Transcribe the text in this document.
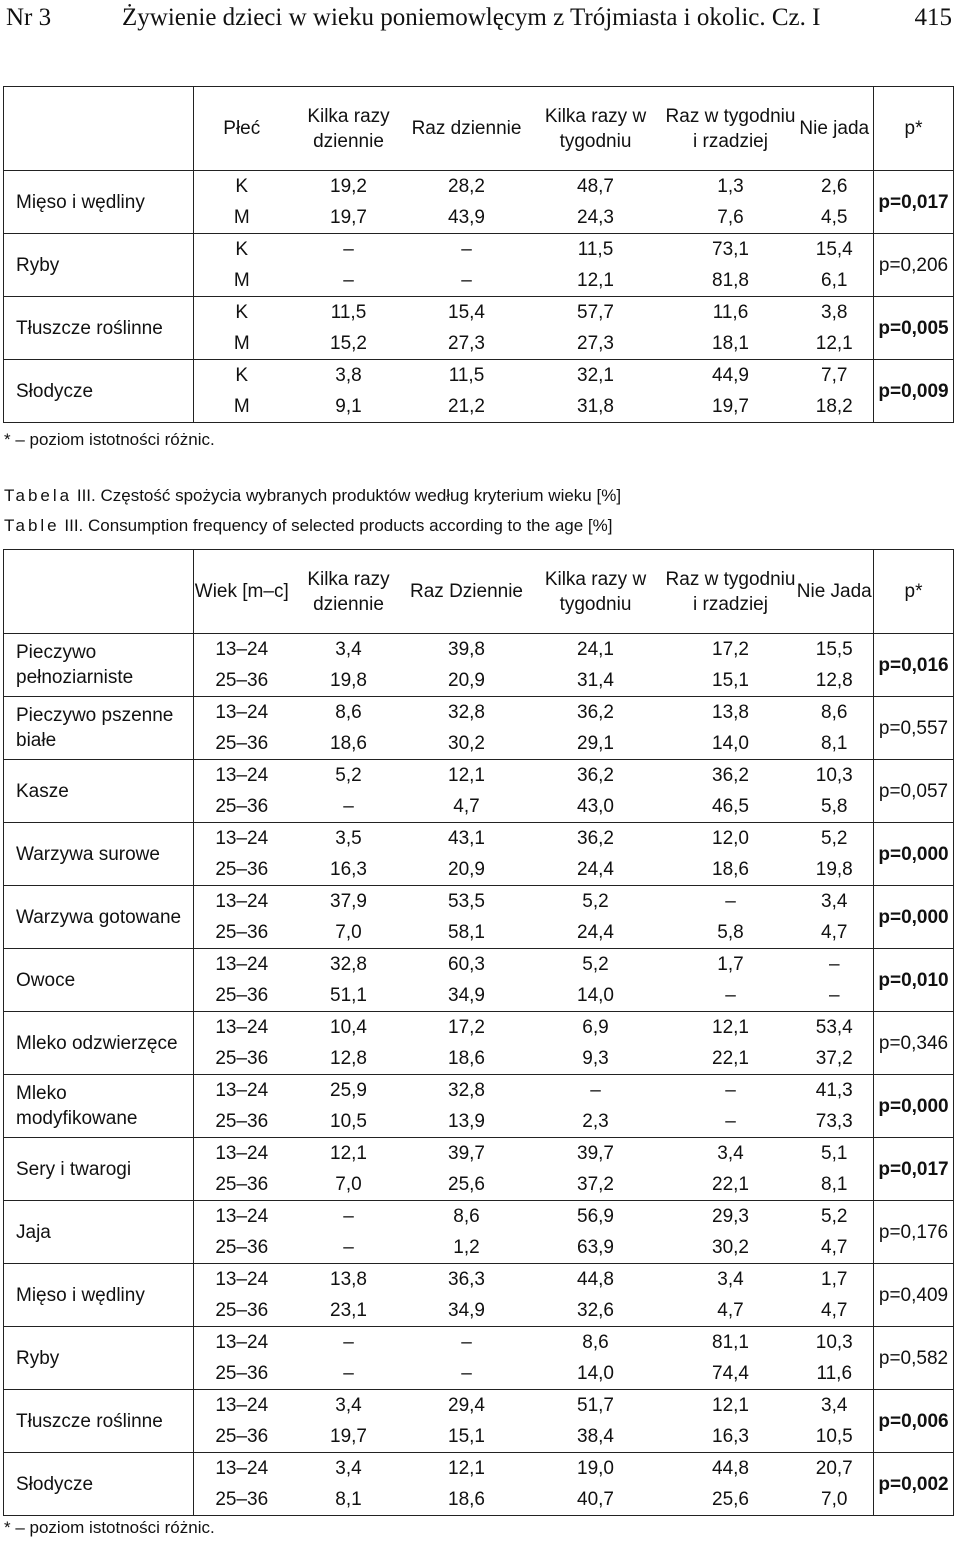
Nr 3	Żywienie dzieci w wieku poniemowlęcym z Trójmiasta i okolic. Cz. I	415
	Płeć	Kilka razy dziennie	Raz dziennie	Kilka razy w tygodniu	Raz w tygodniu i rzadziej	Nie jada	p*
Mięso i wędliny	K	19,2	28,2	48,7	1,3	2,6	p=0,017
	M	19,7	43,9	24,3	7,6	4,5	
Ryby	K	–	–	11,5	73,1	15,4	p=0,206
	M	–	–	12,1	81,8	6,1	
Tłuszcze roślinne	K	11,5	15,4	57,7	11,6	3,8	p=0,005
	M	15,2	27,3	27,3	18,1	12,1	
Słodycze	K	3,8	11,5	32,1	44,9	7,7	p=0,009
	M	9,1	21,2	31,8	19,7	18,2	
* – poziom istotności różnic.
Tabela III. Częstość spożycia wybranych produktów według kryterium wieku [%]
Table III. Consumption frequency of selected products according to the age [%]
	Wiek [m–c]	Kilka razy dziennie	Raz Dziennie	Kilka razy w tygodniu	Raz w tygodniu i rzadziej	Nie Jada	p*
Pieczywo pełnoziarniste	13–24	3,4	39,8	24,1	17,2	15,5	p=0,016
	25–36	19,8	20,9	31,4	15,1	12,8	
Pieczywo pszenne białe	13–24	8,6	32,8	36,2	13,8	8,6	p=0,557
	25–36	18,6	30,2	29,1	14,0	8,1	
Kasze	13–24	5,2	12,1	36,2	36,2	10,3	p=0,057
	25–36	–	4,7	43,0	46,5	5,8	
Warzywa surowe	13–24	3,5	43,1	36,2	12,0	5,2	p=0,000
	25–36	16,3	20,9	24,4	18,6	19,8	
Warzywa gotowane	13–24	37,9	53,5	5,2	–	3,4	p=0,000
	25–36	7,0	58,1	24,4	5,8	4,7	
Owoce	13–24	32,8	60,3	5,2	1,7	–	p=0,010
	25–36	51,1	34,9	14,0	–	–	
Mleko odzwierzęce	13–24	10,4	17,2	6,9	12,1	53,4	p=0,346
	25–36	12,8	18,6	9,3	22,1	37,2	
Mleko modyfikowane	13–24	25,9	32,8	–	–	41,3	p=0,000
	25–36	10,5	13,9	2,3	–	73,3	
Sery i twarogi	13–24	12,1	39,7	39,7	3,4	5,1	p=0,017
	25–36	7,0	25,6	37,2	22,1	8,1	
Jaja	13–24	–	8,6	56,9	29,3	5,2	p=0,176
	25–36	–	1,2	63,9	30,2	4,7	
Mięso i wędliny	13–24	13,8	36,3	44,8	3,4	1,7	p=0,409
	25–36	23,1	34,9	32,6	4,7	4,7	
Ryby	13–24	–	–	8,6	81,1	10,3	p=0,582
	25–36	–	–	14,0	74,4	11,6	
Tłuszcze roślinne	13–24	3,4	29,4	51,7	12,1	3,4	p=0,006
	25–36	19,7	15,1	38,4	16,3	10,5	
Słodycze	13–24	3,4	12,1	19,0	44,8	20,7	p=0,002
	25–36	8,1	18,6	40,7	25,6	7,0	
* – poziom istotności różnic.
